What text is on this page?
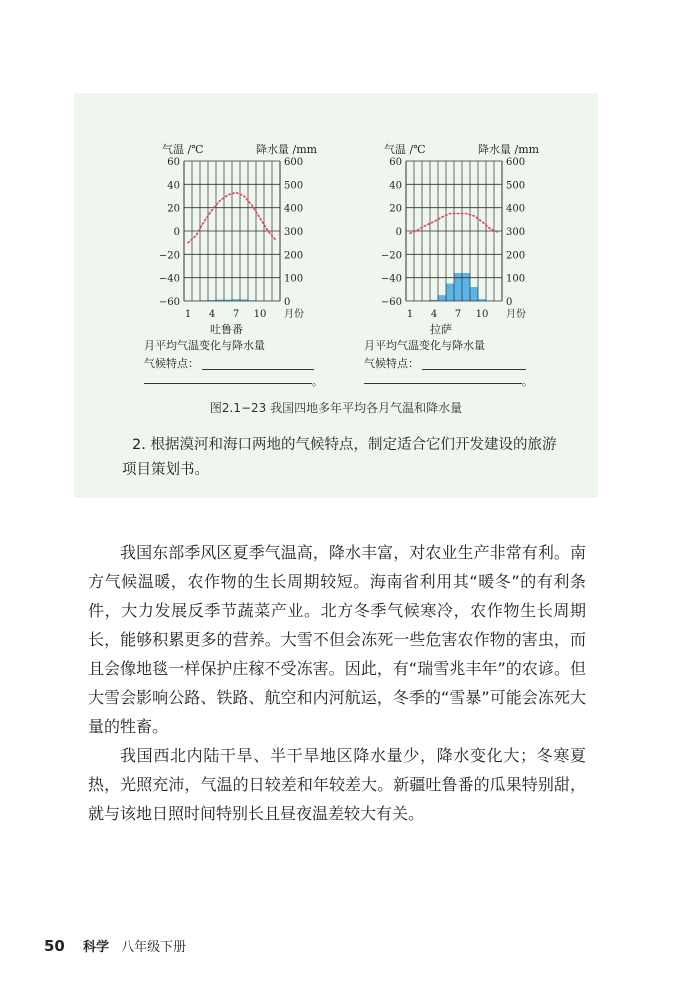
气温 /℃	降水量 /mm
60
40
20
0
−20
−40
−60
600
500
400
300
200
100
0
1 4 7 10 月份
吐鲁番
月平均气温变化与降水量
气候特点：
。
气温 /℃	降水量 /mm
60
40
20
0
−20
−40
−60
600
500
400
300
200
100
0
1 4 7 10 月份
拉萨
月平均气温变化与降水量
气候特点：
。
图2.1−23 我国四地多年平均各月气温和降水量
2. 根据漠河和海口两地的气候特点，制定适合它们开发建设的旅游
项目策划书。

我国东部季风区夏季气温高，降水丰富，对农业生产非常有利。南方气候温暖，农作物的生长周期较短。海南省利用其“暖冬”的有利条件，大力发展反季节蔬菜产业。北方冬季气候寒冷，农作物生长周期长，能够积累更多的营养。大雪不但会冻死一些危害农作物的害虫，而且会像地毯一样保护庄稼不受冻害。因此，有“瑞雪兆丰年”的农谚。但大雪会影响公路、铁路、航空和内河航运，冬季的“雪暴”可能会冻死大量的牲畜。

我国西北内陆干旱、半干旱地区降水量少，降水变化大；冬寒夏热，光照充沛，气温的日较差和年较差大。新疆吐鲁番的瓜果特别甜，就与该地日照时间特别长且昼夜温差较大有关。

50 科学 八年级下册
